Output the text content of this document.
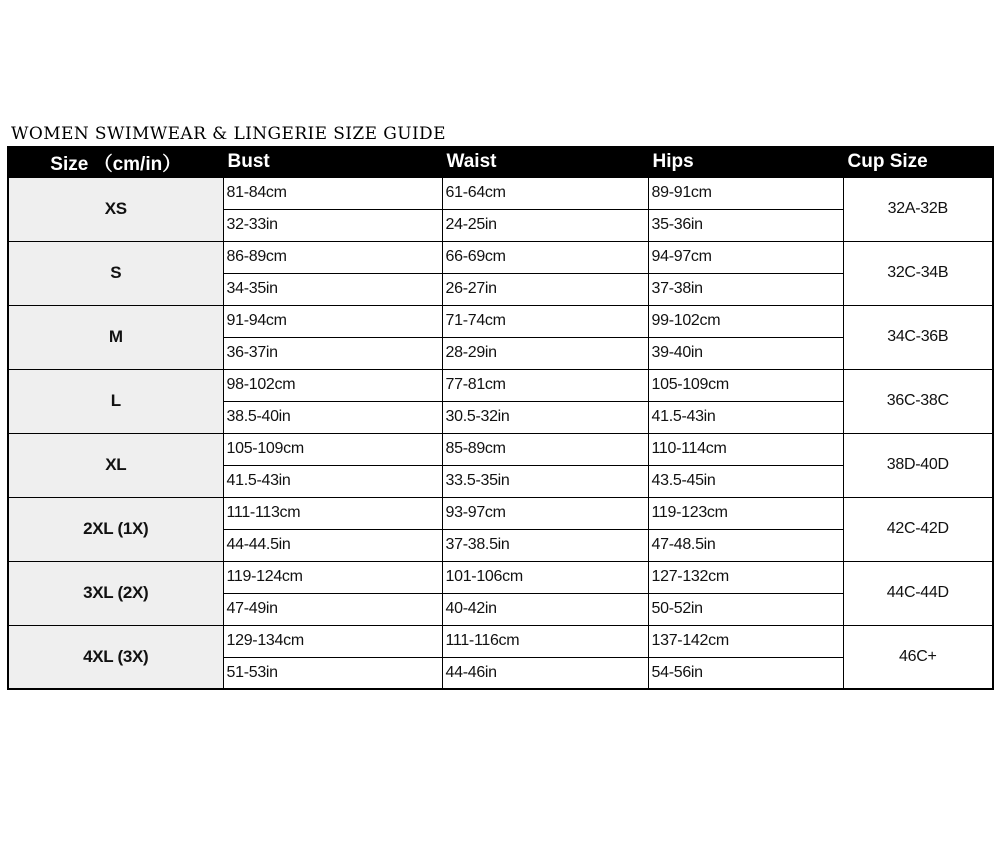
WOMEN SWIMWEAR & LINGERIE SIZE GUIDE
Size （cm/in）	Bust	Waist	Hips	Cup Size
XS	81-84cm	61-64cm	89-91cm	32A-32B
	32-33in	24-25in	35-36in	
S	86-89cm	66-69cm	94-97cm	32C-34B
	34-35in	26-27in	37-38in	
M	91-94cm	71-74cm	99-102cm	34C-36B
	36-37in	28-29in	39-40in	
L	98-102cm	77-81cm	105-109cm	36C-38C
	38.5-40in	30.5-32in	41.5-43in	
XL	105-109cm	85-89cm	110-114cm	38D-40D
	41.5-43in	33.5-35in	43.5-45in	
2XL (1X)	111-113cm	93-97cm	119-123cm	42C-42D
	44-44.5in	37-38.5in	47-48.5in	
3XL (2X)	119-124cm	101-106cm	127-132cm	44C-44D
	47-49in	40-42in	50-52in	
4XL (3X)	129-134cm	111-116cm	137-142cm	46C+
	51-53in	44-46in	54-56in	
